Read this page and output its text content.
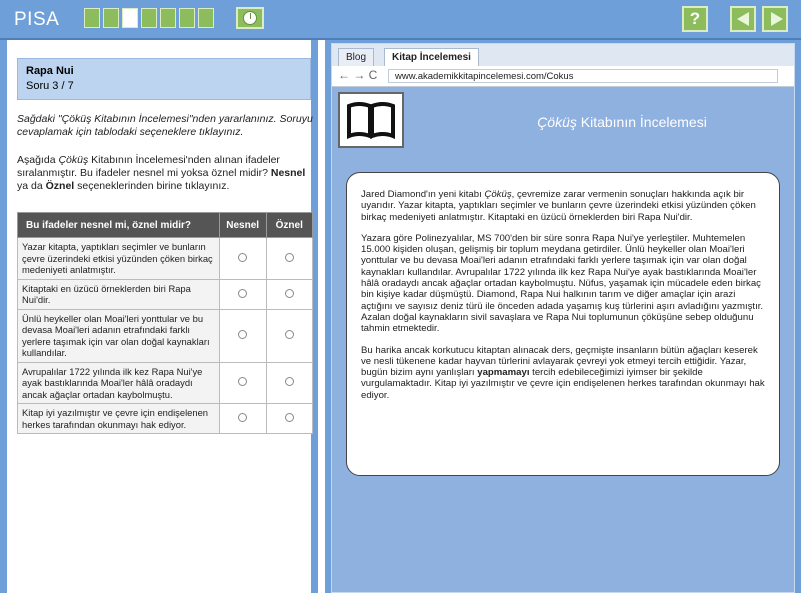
PISA	?
Rapa Nui
Soru 3 / 7
Sağdaki "Çöküş Kitabının İncelemesi"nden yararlanınız. Soruyu cevaplamak için tablodaki seçeneklere tıklayınız.
Aşağıda Çöküş Kitabının İncelemesi'nden alınan ifadeler sıralanmıştır. Bu ifadeler nesnel mi yoksa öznel midir? Nesnel ya da Öznel seçeneklerinden birine tıklayınız.
Bu ifadeler nesnel mi, öznel midir?	Nesnel	Öznel
Yazar kitapta, yaptıkları seçimler ve bunların çevre üzerindeki etkisi yüzünden çöken birkaç medeniyeti anlatmıştır.		
Kitaptaki en üzücü örneklerden biri Rapa Nui'dir.		
Ünlü heykeller olan Moai'leri yonttular ve bu devasa Moai'leri adanın etrafındaki farklı yerlere taşımak için var olan doğal kaynakları kullandılar.		
Avrupalılar 1722 yılında ilk kez Rapa Nui'ye ayak bastıklarında Moai'ler hâlâ oradaydı ancak ağaçlar ortadan kaybolmuştu.		
Kitap iyi yazılmıştır ve çevre için endişelenen herkes tarafından okunmayı hak ediyor.		
Blog	Kitap İncelemesi
← → C	www.akademikkitapincelemesi.com/Cokus
Çöküş Kitabının İncelemesi

Jared Diamond'ın yeni kitabı Çöküş, çevremize zarar vermenin sonuçları hakkında açık bir uyarıdır. Yazar kitapta, yaptıkları seçimler ve bunların çevre üzerindeki etkisi yüzünden çöken birkaç medeniyeti anlatmıştır. Kitaptaki en üzücü örneklerden biri Rapa Nui'dir.

Yazara göre Polinezyalılar, MS 700'den bir süre sonra Rapa Nui'ye yerleştiler. Muhtemelen 15.000 kişiden oluşan, gelişmiş bir toplum meydana getirdiler. Ünlü heykeller olan Moai'leri yonttular ve bu devasa Moai'leri adanın etrafındaki farklı yerlere taşımak için var olan doğal kaynakları kullandılar. Avrupalılar 1722 yılında ilk kez Rapa Nui'ye ayak bastıklarında Moai'ler hâlâ oradaydı ancak ağaçlar ortadan kaybolmuştu. Nüfus, yaşamak için mücadele eden birkaç bin kişiye kadar düşmüştü. Diamond, Rapa Nui halkının tarım ve diğer amaçlar için arazi açtığını ve sayısız deniz türü ile önceden adada yaşamış kuş türlerini aşırı avladığını yazmıştır. Azalan doğal kaynakların sivil savaşlara ve Rapa Nui toplumunun çöküşüne sebep olduğunu tahmin etmektedir.

Bu harika ancak korkutucu kitaptan alınacak ders, geçmişte insanların bütün ağaçları keserek ve nesli tükenene kadar hayvan türlerini avlayarak çevreyi yok etmeyi tercih ettiğidir. Yazar, bugün bizim aynı yanlışları yapmamayı tercih edebileceğimizi iyimser bir şekilde vurgulamaktadır. Kitap iyi yazılmıştır ve çevre için endişelenen herkes tarafından okunmayı hak ediyor.
